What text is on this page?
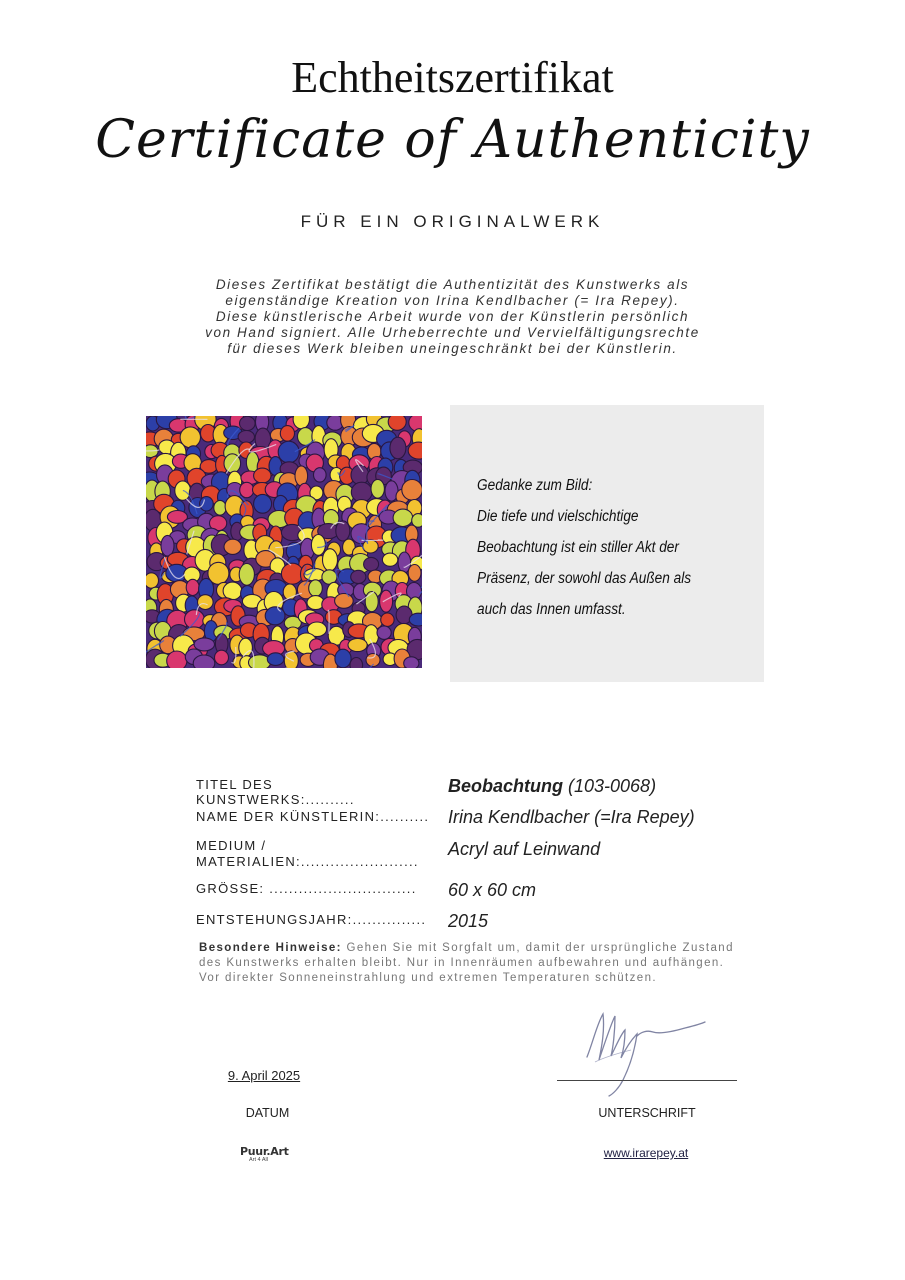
Echtheitszertifikat
Certificate of Authenticity
FÜR EIN ORIGINALWERK
Dieses Zertifikat bestätigt die Authentizität des Kunstwerks als
eigenständige Kreation von Irina Kendlbacher (= Ira Repey).
Diese künstlerische Arbeit wurde von der Künstlerin persönlich
von Hand signiert. Alle Urheberrechte und Vervielfältigungsrechte
für dieses Werk bleiben uneingeschränkt bei der Künstlerin.
Gedanke zum Bild:
Die tiefe und vielschichtige
Beobachtung ist ein stiller Akt der
Präsenz, der sowohl das Außen als
auch das Innen umfasst.
TITEL DES KUNSTWERKS:..........
Beobachtung (103-0068)
NAME DER KÜNSTLERIN:..........	Irina Kendlbacher (=Ira Repey)
MEDIUM /
MATERIALIEN:........................
Acryl auf Leinwand
GRÖSSE: ..............................	60 x 60 cm
ENTSTEHUNGSJAHR:...............	2015
Besondere Hinweise: Gehen Sie mit Sorgfalt um, damit der ursprüngliche Zustand des Kunstwerks erhalten bleibt. Nur in Innenräumen aufbewahren und aufhängen. Vor direkter Sonneneinstrahlung und extremen Temperaturen schützen.
9. April 2025
DATUM	UNTERSCHRIFT
Puur.Art
Art 4 All	www.irarepey.at
